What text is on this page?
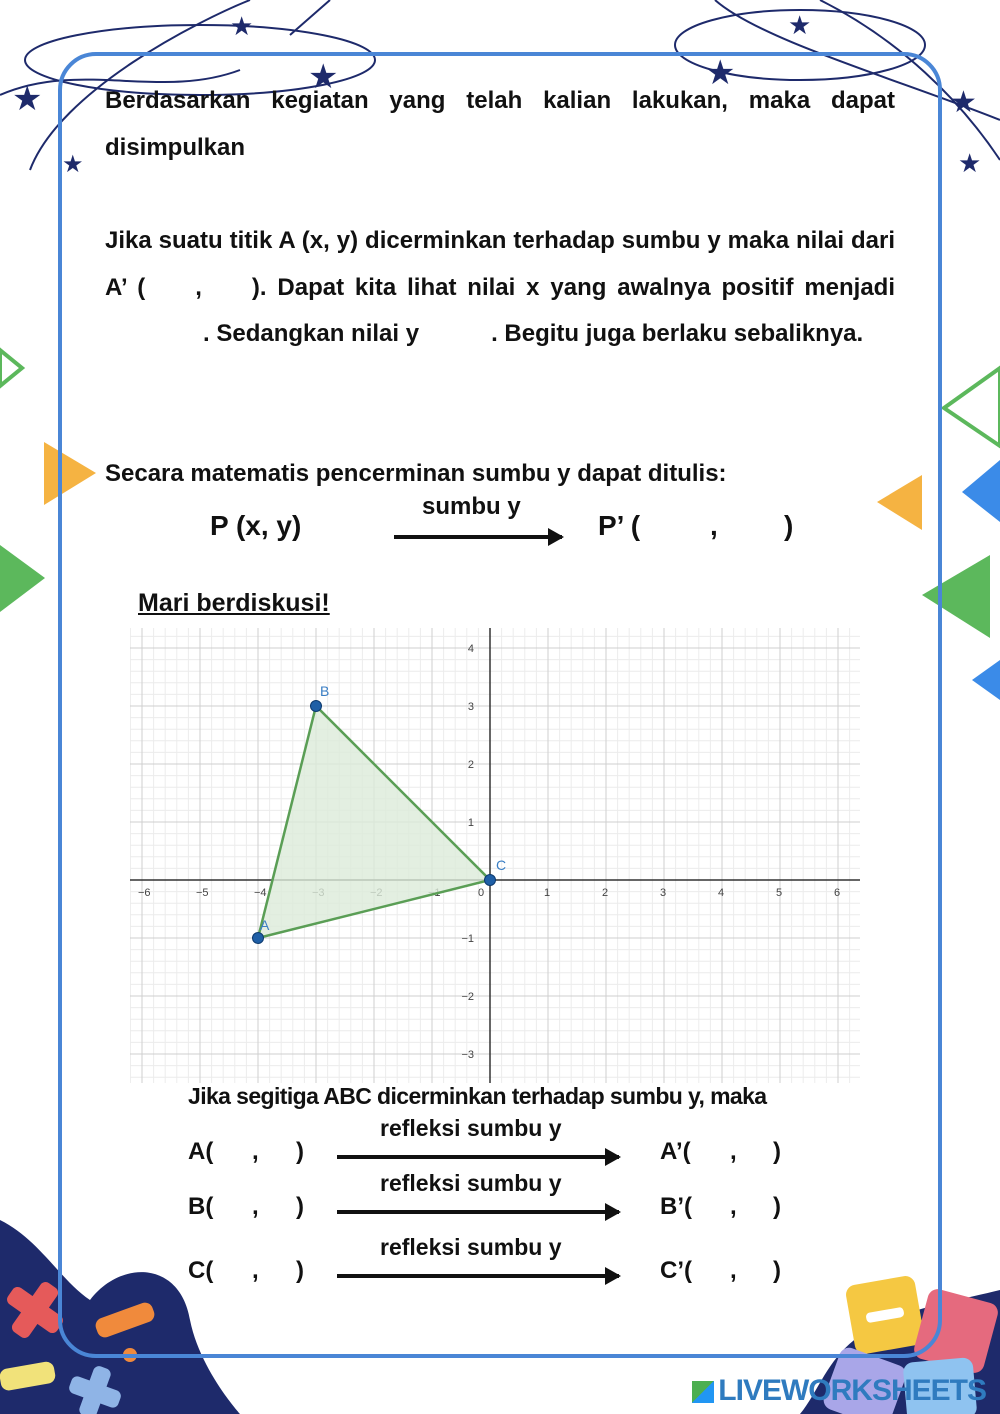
★
★
★
★
★
★
★
★
Berdasarkan kegiatan yang telah kalian lakukan, maka dapat disimpulkan
Jika suatu titik A (x, y) dicerminkan terhadap sumbu y maka nilai dari A’ ( , ). Dapat kita lihat nilai x yang awalnya positif menjadi. Sedangkan nilai y	. Begitu juga berlaku sebaliknya.
Secara matematis pencerminan sumbu y dapat ditulis:
P (x, y)
sumbu y
P’ ( , )
Mari berdiskusi!
−6	−5	−4	0	1	2	3	4	5	6
4
3
2
1
−1
−2
−3
A
B
C
Jika segitiga ABC dicerminkan terhadap sumbu y, maka
A( , )
refleksi sumbu y
A’( , )
B( , )
refleksi sumbu y
B’( , )
C( , )
refleksi sumbu y
C’( , )
LIVEWORKSHEETS
